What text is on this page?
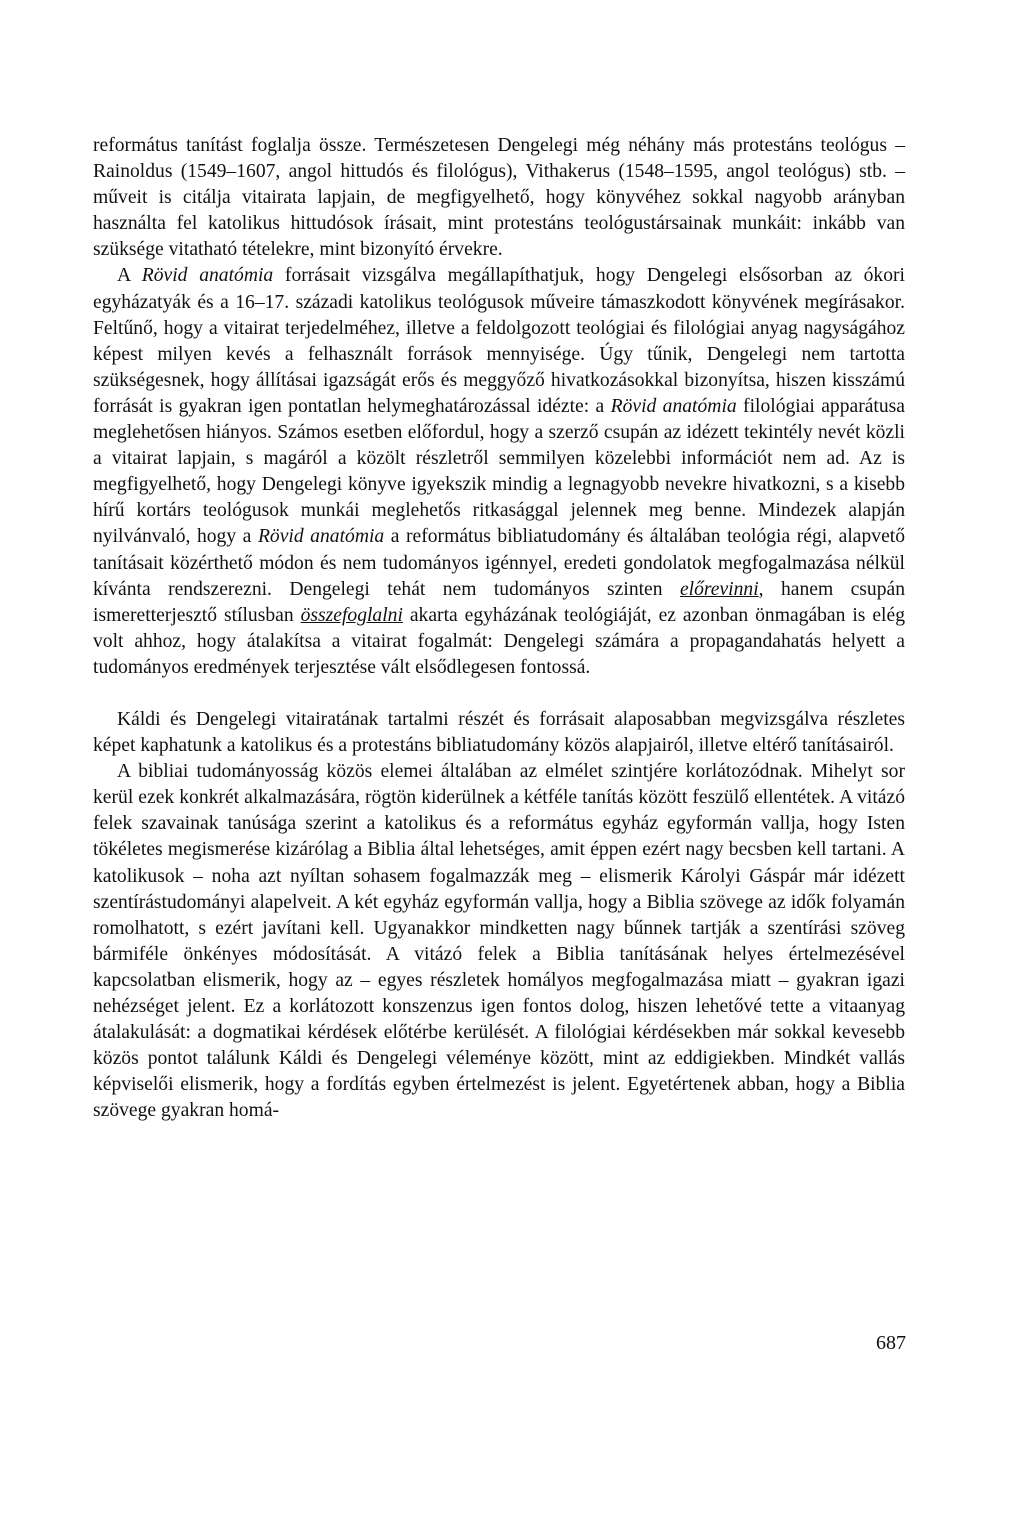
református tanítást foglalja össze. Természetesen Dengelegi még néhány más protestáns teológus – Rainoldus (1549–1607, angol hittudós és filológus), Vithakerus (1548–1595, angol teológus) stb. – műveit is citálja vitairata lapjain, de megfigyelhető, hogy könyvéhez sokkal nagyobb arányban használta fel katolikus hittudósok írásait, mint protestáns teológustársainak munkáit: inkább van szüksége vitatható tételekre, mint bizonyító érvekre.

A Rövid anatómia forrásait vizsgálva megállapíthatjuk, hogy Dengelegi elsősorban az ókori egyházatyák és a 16–17. századi katolikus teológusok műveire támaszkodott könyvének megírásakor. Feltűnő, hogy a vitairat terjedelméhez, illetve a feldolgozott teológiai és filológiai anyag nagyságához képest milyen kevés a felhasznált források mennyisége. Úgy tűnik, Dengelegi nem tartotta szükségesnek, hogy állításai igazságát erős és meggyőző hivatkozásokkal bizonyítsa, hiszen kisszámú forrását is gyakran igen pontatlan helymeghatározással idézte: a Rövid anatómia filológiai apparátusa meglehetősen hiányos. Számos esetben előfordul, hogy a szerző csupán az idézett tekintély nevét közli a vitairat lapjain, s magáról a közölt részletről semmilyen közelebbi információt nem ad. Az is megfigyelhető, hogy Dengelegi könyve igyekszik mindig a legnagyobb nevekre hivatkozni, s a kisebb hírű kortárs teológusok munkái meglehetős ritkasággal jelennek meg benne. Mindezek alapján nyilvánvaló, hogy a Rövid anatómia a református bibliatudomány és általában teológia régi, alapvető tanításait közérthető módon és nem tudományos igénnyel, eredeti gondolatok megfogalmazása nélkül kívánta rendszerezni. Dengelegi tehát nem tudományos szinten előrevinni, hanem csupán ismeretterjesztő stílusban összefoglalni akarta egyházának teológiáját, ez azonban önmagában is elég volt ahhoz, hogy átalakítsa a vitairat fogalmát: Dengelegi számára a propagandahatás helyett a tudományos eredmények terjesztése vált elsődlegesen fontossá.

Káldi és Dengelegi vitairatának tartalmi részét és forrásait alaposabban megvizsgálva részletes képet kaphatunk a katolikus és a protestáns bibliatudomány közös alapjairól, illetve eltérő tanításairól.

A bibliai tudományosság közös elemei általában az elmélet szintjére korlátozódnak. Mihelyt sor kerül ezek konkrét alkalmazására, rögtön kiderülnek a kétféle tanítás között feszülő ellentétek. A vitázó felek szavainak tanúsága szerint a katolikus és a református egyház egyformán vallja, hogy Isten tökéletes megismerése kizárólag a Biblia által lehetséges, amit éppen ezért nagy becsben kell tartani. A katolikusok – noha azt nyíltan sohasem fogalmazzák meg – elismerik Károlyi Gáspár már idézett szentírástudományi alapelveit. A két egyház egyformán vallja, hogy a Biblia szövege az idők folyamán romolhatott, s ezért javítani kell. Ugyanakkor mindketten nagy bűnnek tartják a szentírási szöveg bármiféle önkényes módosítását. A vitázó felek a Biblia tanításának helyes értelmezésével kapcsolatban elismerik, hogy az – egyes részletek homályos megfogalmazása miatt – gyakran igazi nehézséget jelent. Ez a korlátozott konszenzus igen fontos dolog, hiszen lehetővé tette a vitaanyag átalakulását: a dogmatikai kérdések előtérbe kerülését. A filológiai kérdésekben már sokkal kevesebb közös pontot találunk Káldi és Dengelegi véleménye között, mint az eddigiekben. Mindkét vallás képviselői elismerik, hogy a fordítás egyben értelmezést is jelent. Egyetértenek abban, hogy a Biblia szövege gyakran homá-

687
